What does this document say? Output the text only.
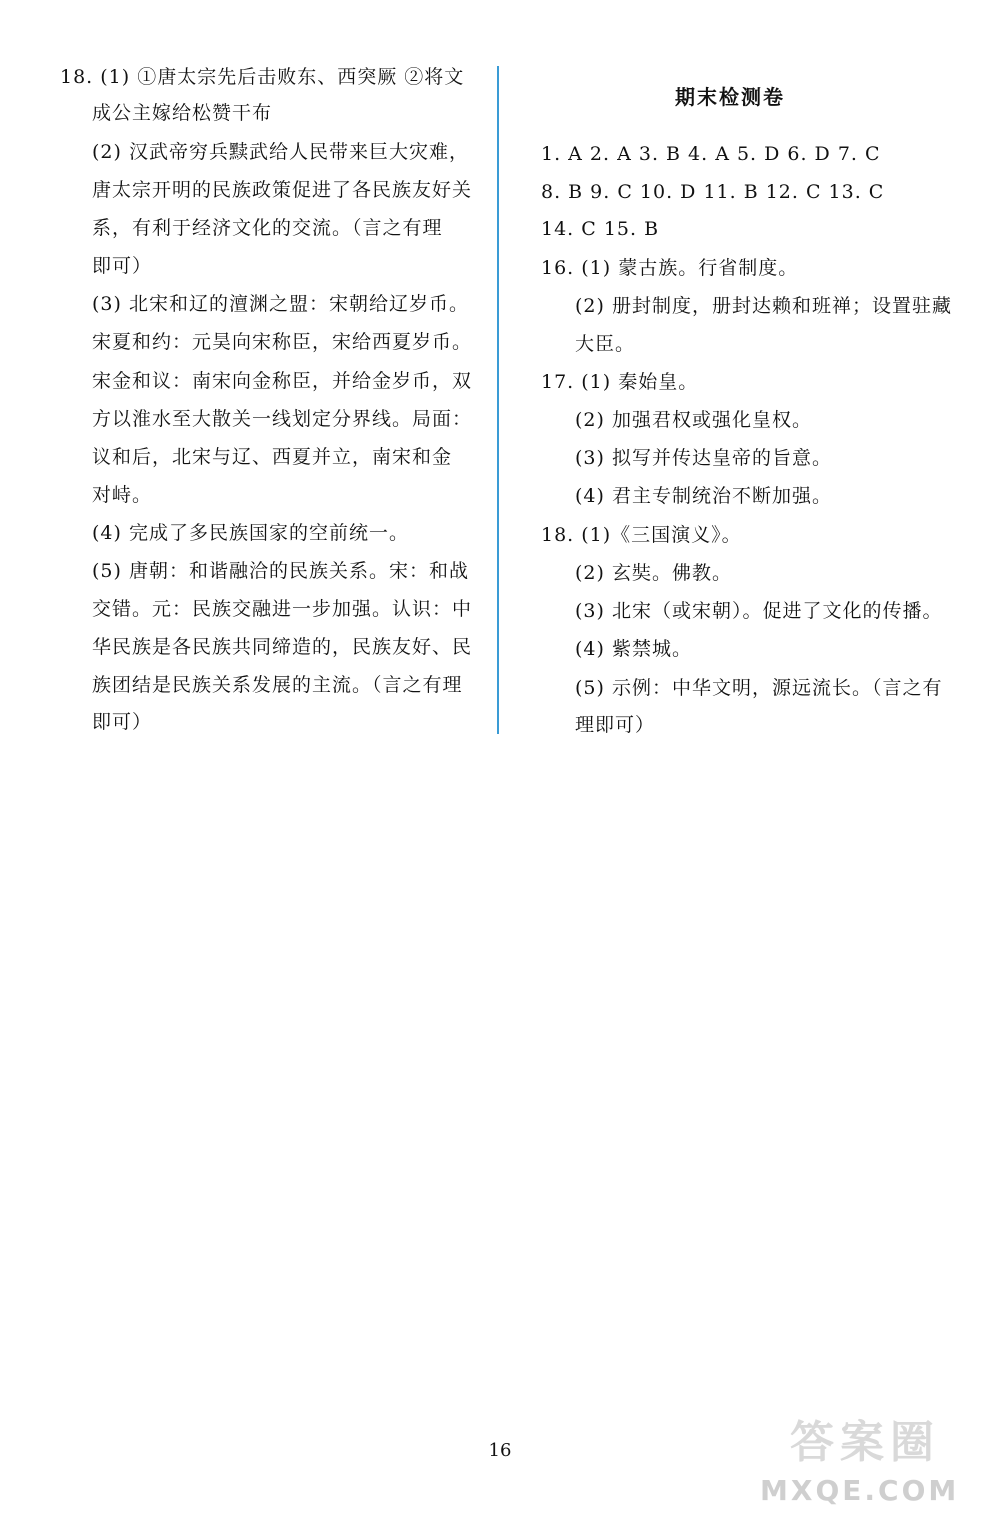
18. (1) ①唐太宗先后击败东、西突厥 ②将文
成公主嫁给松赞干布
(2) 汉武帝穷兵黩武给人民带来巨大灾难，
唐太宗开明的民族政策促进了各民族友好关
系，有利于经济文化的交流。（言之有理
即可）
(3) 北宋和辽的澶渊之盟：宋朝给辽岁币。
宋夏和约：元昊向宋称臣，宋给西夏岁币。
宋金和议：南宋向金称臣，并给金岁币，双
方以淮水至大散关一线划定分界线。局面：
议和后，北宋与辽、西夏并立，南宋和金
对峙。
(4) 完成了多民族国家的空前统一。
(5) 唐朝：和谐融洽的民族关系。宋：和战
交错。元：民族交融进一步加强。认识：中
华民族是各民族共同缔造的，民族友好、民
族团结是民族关系发展的主流。（言之有理
即可）
期末检测卷
1. A 2. A 3. B 4. A 5. D 6. D 7. C
8. B 9. C 10. D 11. B 12. C 13. C
14. C 15. B
16. (1) 蒙古族。行省制度。
(2) 册封制度，册封达赖和班禅；设置驻藏
大臣。
17. (1) 秦始皇。
(2) 加强君权或强化皇权。
(3) 拟写并传达皇帝的旨意。
(4) 君主专制统治不断加强。
18. (1)《三国演义》。
(2) 玄奘。佛教。
(3) 北宋（或宋朝）。促进了文化的传播。
(4) 紫禁城。
(5) 示例：中华文明，源远流长。（言之有
理即可）
16	答案圈
MXQE.COM
